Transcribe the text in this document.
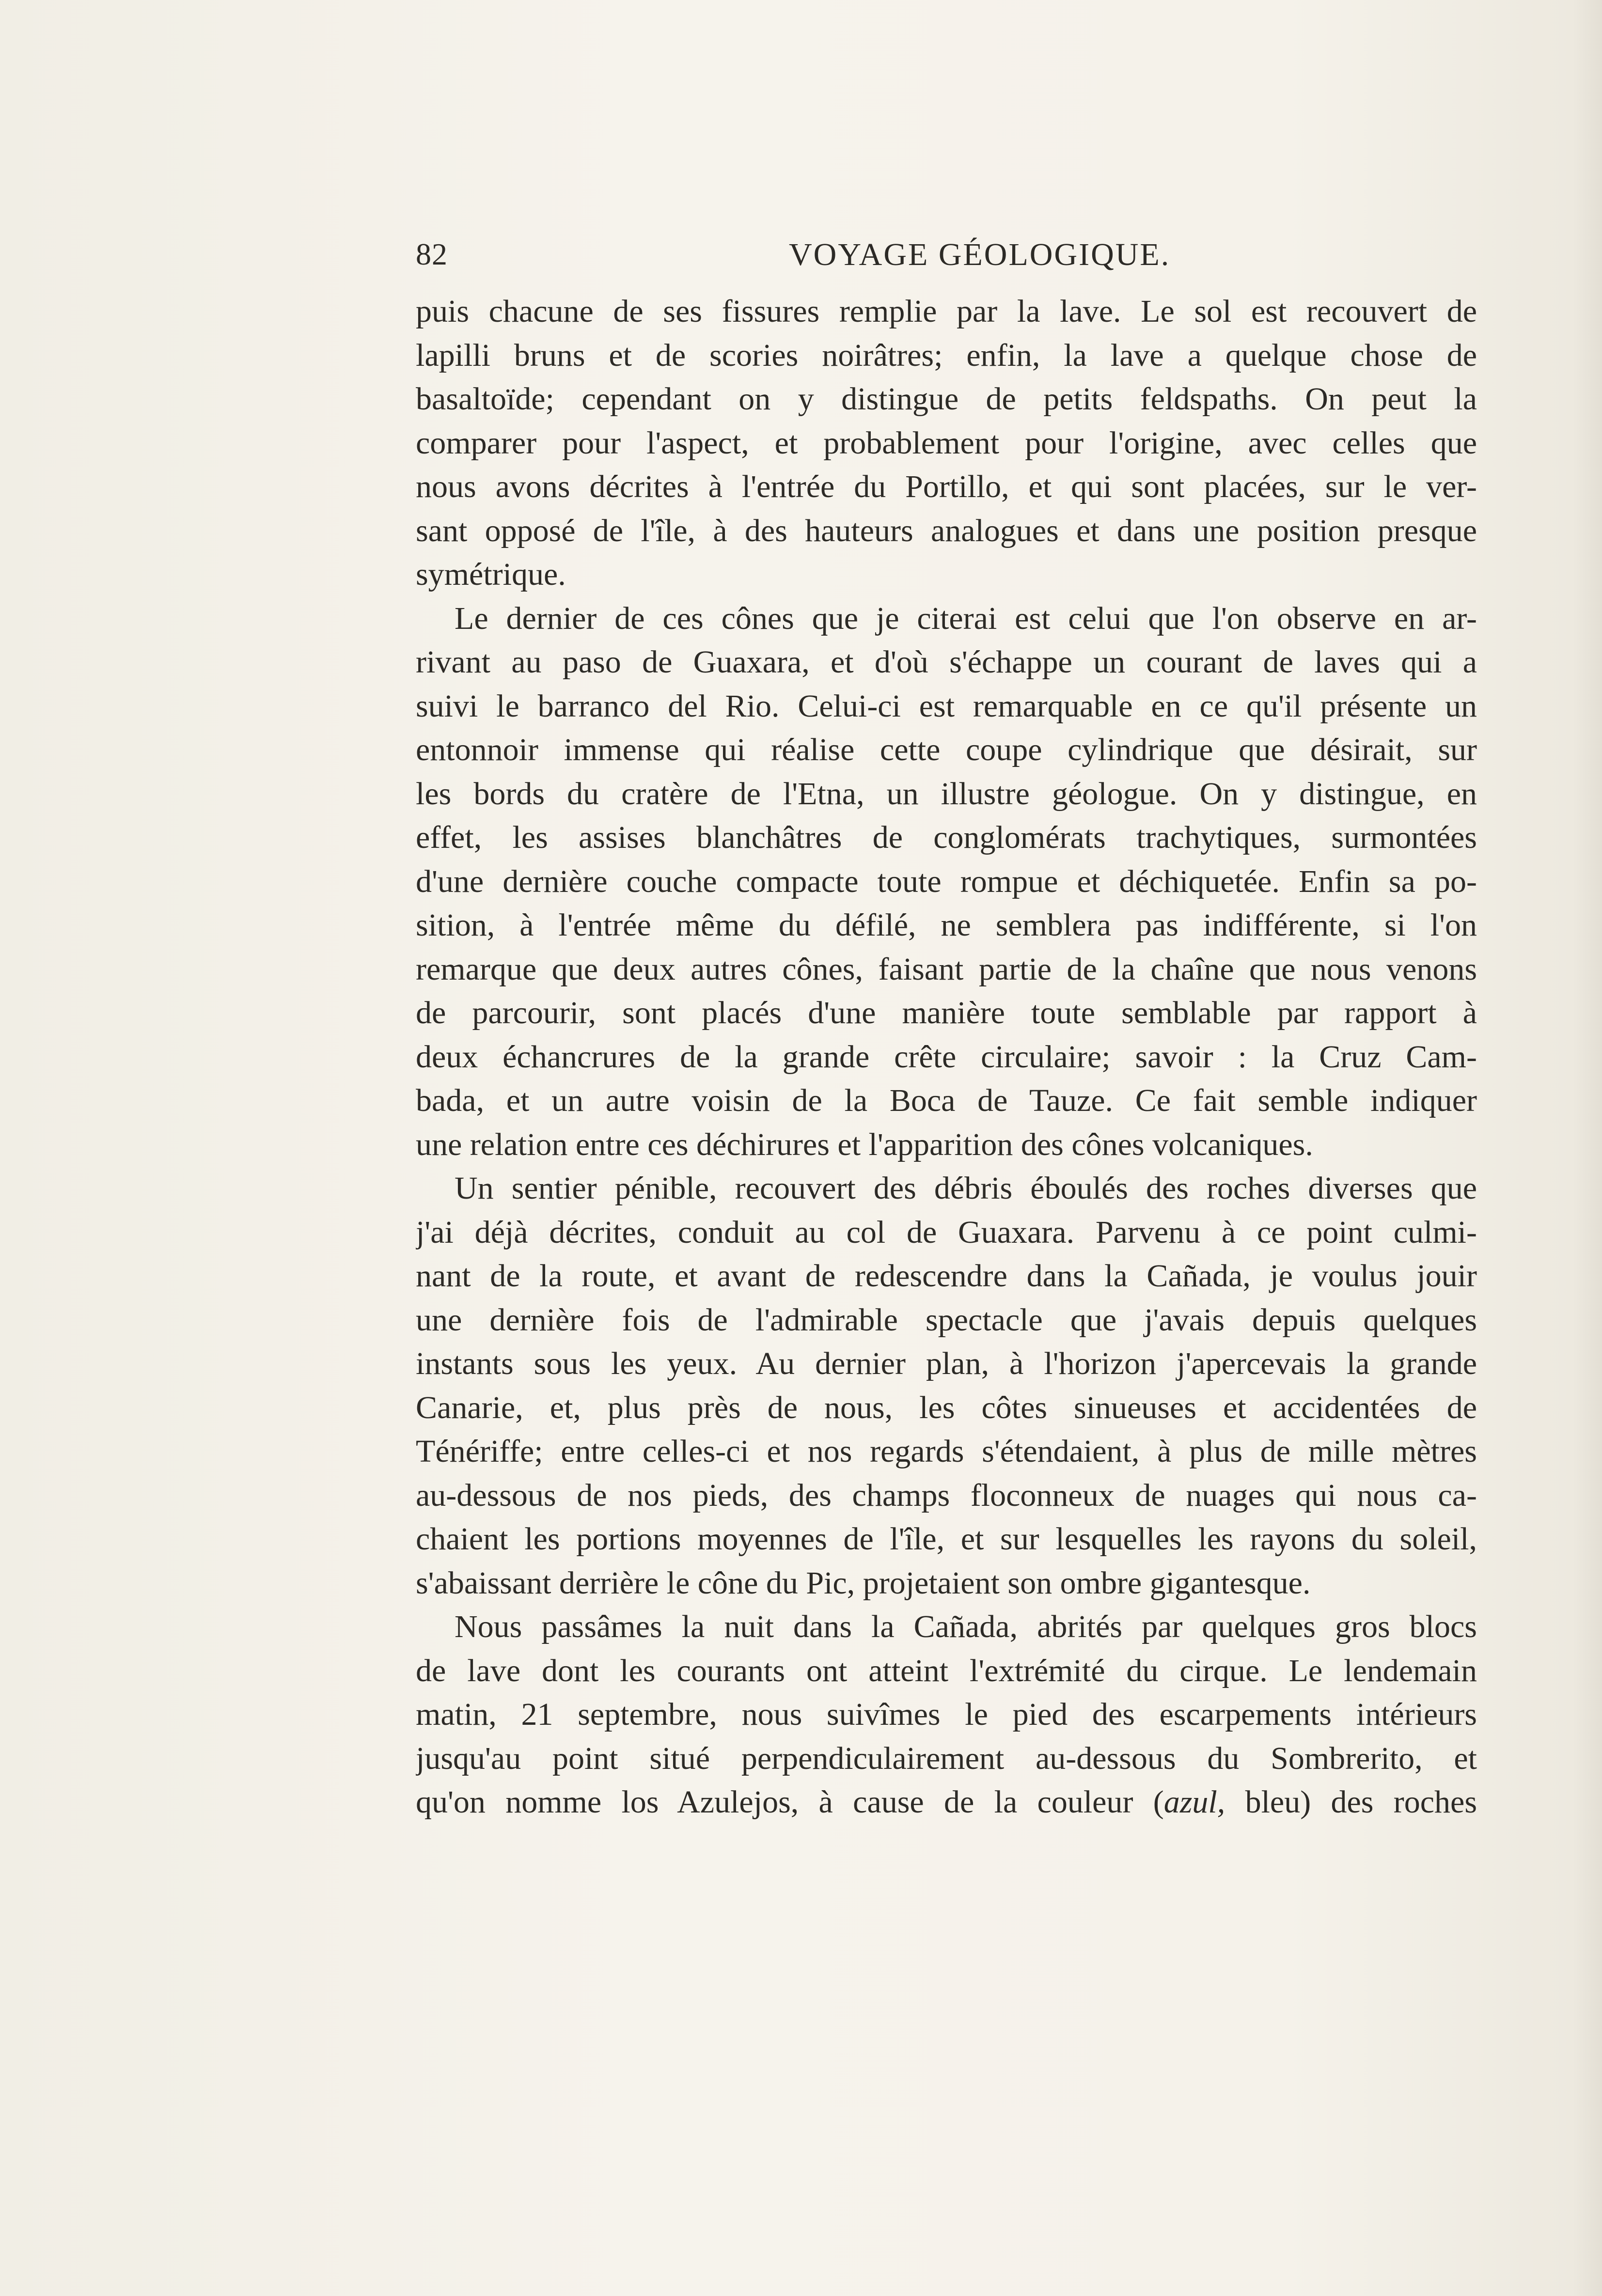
82	VOYAGE GÉOLOGIQUE.
puis chacune de ses fissures remplie par la lave. Le sol est recouvert de
lapilli bruns et de scories noirâtres; enfin, la lave a quelque chose de
basaltoïde; cependant on y distingue de petits feldspaths. On peut la
comparer pour l'aspect, et probablement pour l'origine, avec celles que
nous avons décrites à l'entrée du Portillo, et qui sont placées, sur le ver-
sant opposé de l'île, à des hauteurs analogues et dans une position presque
symétrique.
Le dernier de ces cônes que je citerai est celui que l'on observe en ar-
rivant au paso de Guaxara, et d'où s'échappe un courant de laves qui a
suivi le barranco del Rio. Celui-ci est remarquable en ce qu'il présente un
entonnoir immense qui réalise cette coupe cylindrique que désirait, sur
les bords du cratère de l'Etna, un illustre géologue. On y distingue, en
effet, les assises blanchâtres de conglomérats trachytiques, surmontées
d'une dernière couche compacte toute rompue et déchiquetée. Enfin sa po-
sition, à l'entrée même du défilé, ne semblera pas indifférente, si l'on
remarque que deux autres cônes, faisant partie de la chaîne que nous venons
de parcourir, sont placés d'une manière toute semblable par rapport à
deux échancrures de la grande crête circulaire; savoir : la Cruz Cam-
bada, et un autre voisin de la Boca de Tauze. Ce fait semble indiquer
une relation entre ces déchirures et l'apparition des cônes volcaniques.
Un sentier pénible, recouvert des débris éboulés des roches diverses que
j'ai déjà décrites, conduit au col de Guaxara. Parvenu à ce point culmi-
nant de la route, et avant de redescendre dans la Cañada, je voulus jouir
une dernière fois de l'admirable spectacle que j'avais depuis quelques
instants sous les yeux. Au dernier plan, à l'horizon j'apercevais la grande
Canarie, et, plus près de nous, les côtes sinueuses et accidentées de
Ténériffe; entre celles-ci et nos regards s'étendaient, à plus de mille mètres
au-dessous de nos pieds, des champs floconneux de nuages qui nous ca-
chaient les portions moyennes de l'île, et sur lesquelles les rayons du soleil,
s'abaissant derrière le cône du Pic, projetaient son ombre gigantesque.
Nous passâmes la nuit dans la Cañada, abrités par quelques gros blocs
de lave dont les courants ont atteint l'extrémité du cirque. Le lendemain
matin, 21 septembre, nous suivîmes le pied des escarpements intérieurs
jusqu'au point situé perpendiculairement au-dessous du Sombrerito, et
qu'on nomme los Azulejos, à cause de la couleur (azul, bleu) des roches
